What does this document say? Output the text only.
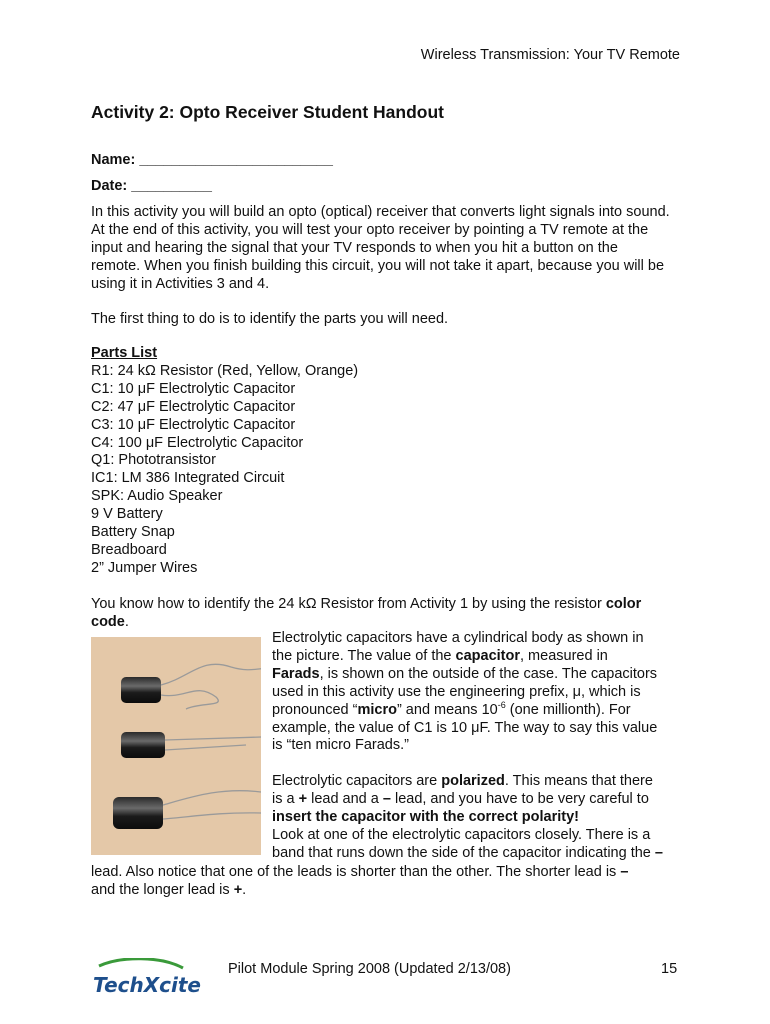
Wireless Transmission: Your TV Remote
Activity 2: Opto Receiver Student Handout
Name: ________________________
Date: __________

In this activity you will build an opto (optical) receiver that converts light signals into sound. At the end of this activity, you will test your opto receiver by pointing a TV remote at the input and hearing the signal that your TV responds to when you hit a button on the remote. When you finish building this circuit, you will not take it apart, because you will be using it in Activities 3 and 4.

The first thing to do is to identify the parts you will need.

Parts List
R1: 24 kΩ Resistor (Red, Yellow, Orange)
C1: 10 μF Electrolytic Capacitor
C2: 47 μF Electrolytic Capacitor
C3: 10 μF Electrolytic Capacitor
C4: 100 μF Electrolytic Capacitor
Q1: Phototransistor
IC1: LM 386 Integrated Circuit
SPK: Audio Speaker
9 V Battery
Battery Snap
Breadboard
2” Jumper Wires
You know how to identify the 24 kΩ Resistor from Activity 1 by using the resistor color
code.
Electrolytic capacitors have a cylindrical body as shown in
the picture. The value of the capacitor, measured in
Farads, is shown on the outside of the case. The capacitors
used in this activity use the engineering prefix, μ, which is
pronounced “micro” and means $10^{-6}$ (one millionth). For
example, the value of C1 is 10 μF. The way to say this value
is “ten micro Farads.”
Electrolytic capacitors are polarized. This means that there
is a + lead and a – lead, and you have to be very careful to
insert the capacitor with the correct polarity!
Look at one of the electrolytic capacitors closely. There is a
band that runs down the side of the capacitor indicating the –
lead. Also notice that one of the leads is shorter than the other. The shorter lead is –
and the longer lead is +.
TechXcite
Pilot Module Spring 2008 (Updated 2/13/08)	15
